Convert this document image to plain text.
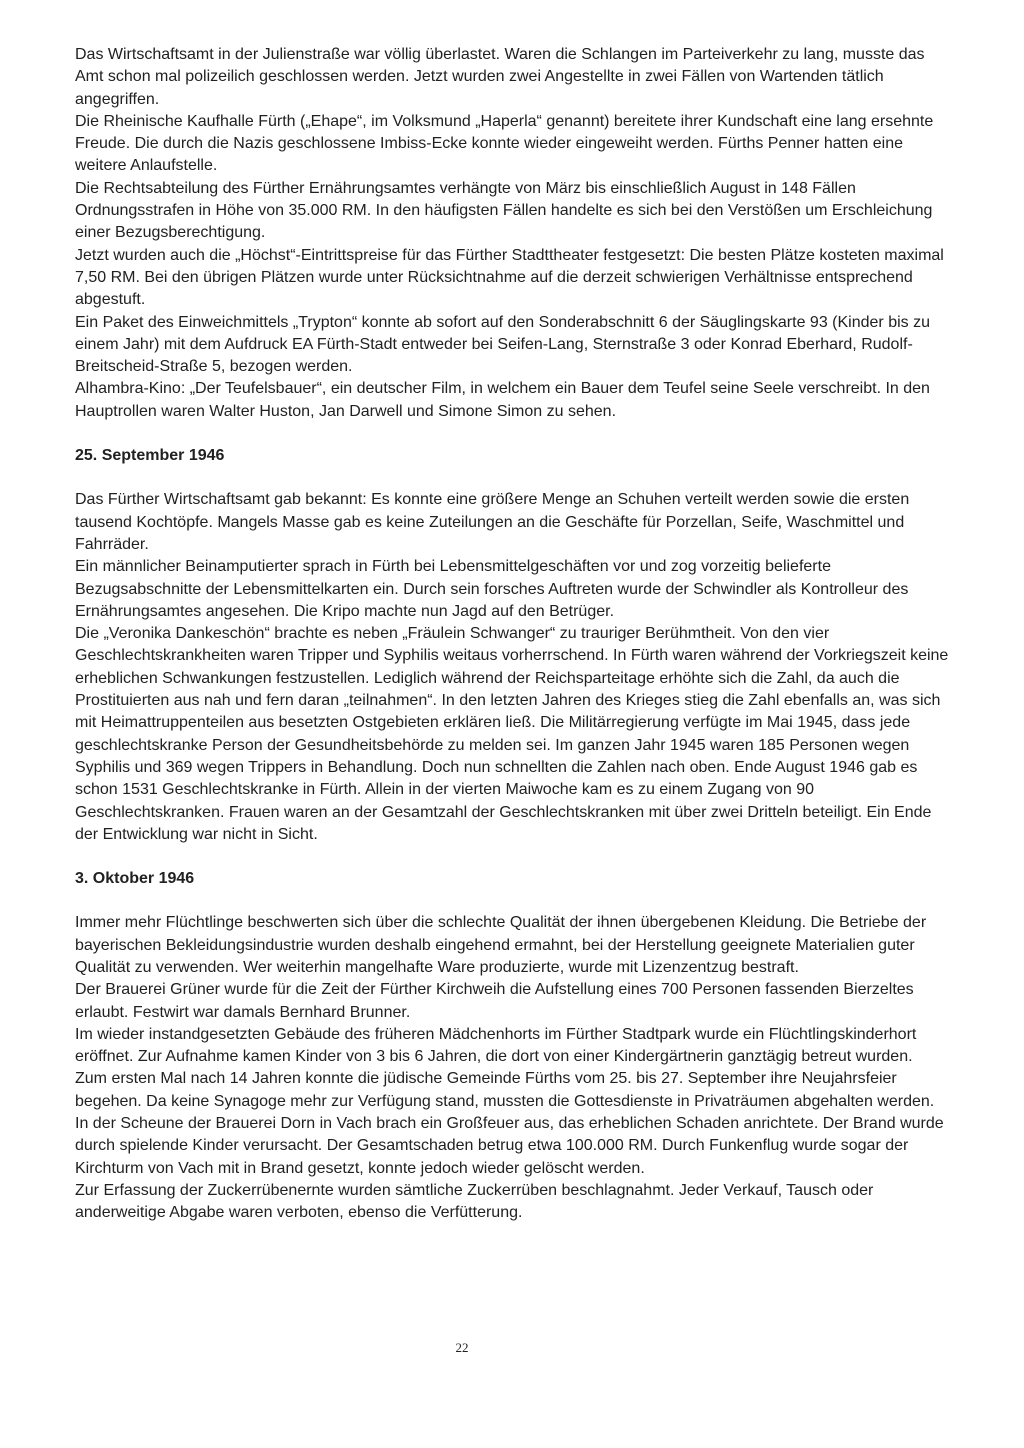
Das Wirtschaftsamt in der Julienstraße war völlig überlastet. Waren die Schlangen im Parteiverkehr zu lang, musste das Amt schon mal polizeilich geschlossen werden. Jetzt wurden zwei Angestellte in zwei Fällen von Wartenden tätlich angegriffen.

Die Rheinische Kaufhalle Fürth („Ehape“, im Volksmund „Haperla“ genannt) bereitete ihrer Kundschaft eine lang ersehnte Freude. Die durch die Nazis geschlossene Imbiss-Ecke konnte wieder eingeweiht werden. Fürths Penner hatten eine weitere Anlaufstelle.

Die Rechtsabteilung des Fürther Ernährungsamtes verhängte von März bis einschließlich August in 148 Fällen Ordnungsstrafen in Höhe von 35.000 RM. In den häufigsten Fällen handelte es sich bei den Verstößen um Erschleichung einer Bezugsberechtigung.

Jetzt wurden auch die „Höchst“-Eintrittspreise für das Fürther Stadttheater festgesetzt: Die besten Plätze kosteten maximal 7,50 RM. Bei den übrigen Plätzen wurde unter Rücksichtnahme auf die derzeit schwierigen Verhältnisse entsprechend abgestuft.

Ein Paket des Einweichmittels „Trypton“ konnte ab sofort auf den Sonderabschnitt 6 der Säuglingskarte 93 (Kinder bis zu einem Jahr) mit dem Aufdruck EA Fürth-Stadt entweder bei Seifen-Lang, Sternstraße 3 oder Konrad Eberhard, Rudolf-Breitscheid-Straße 5, bezogen werden.

Alhambra-Kino: „Der Teufelsbauer“, ein deutscher Film, in welchem ein Bauer dem Teufel seine Seele verschreibt. In den Hauptrollen waren Walter Huston, Jan Darwell und Simone Simon zu sehen.

25. September 1946

Das Fürther Wirtschaftsamt gab bekannt: Es konnte eine größere Menge an Schuhen verteilt werden sowie die ersten tausend Kochtöpfe. Mangels Masse gab es keine Zuteilungen an die Geschäfte für Porzellan, Seife, Waschmittel und Fahrräder.

Ein männlicher Beinamputierter sprach in Fürth bei Lebensmittelgeschäften vor und zog vorzeitig belieferte Bezugsabschnitte der Lebensmittelkarten ein. Durch sein forsches Auftreten wurde der Schwindler als Kontrolleur des Ernährungsamtes angesehen. Die Kripo machte nun Jagd auf den Betrüger.

Die „Veronika Dankeschön“ brachte es neben „Fräulein Schwanger“ zu trauriger Berühmtheit. Von den vier Geschlechtskrankheiten waren Tripper und Syphilis weitaus vorherrschend. In Fürth waren während der Vorkriegszeit keine erheblichen Schwankungen festzustellen. Lediglich während der Reichsparteitage erhöhte sich die Zahl, da auch die Prostituierten aus nah und fern daran „teilnahmen“. In den letzten Jahren des Krieges stieg die Zahl ebenfalls an, was sich mit Heimattruppenteilen aus besetzten Ostgebieten erklären ließ. Die Militärregierung verfügte im Mai 1945, dass jede geschlechtskranke Person der Gesundheitsbehörde zu melden sei. Im ganzen Jahr 1945 waren 185 Personen wegen Syphilis und 369 wegen Trippers in Behandlung. Doch nun schnellten die Zahlen nach oben. Ende August 1946 gab es schon 1531 Geschlechtskranke in Fürth. Allein in der vierten Maiwoche kam es zu einem Zugang von 90 Geschlechtskranken. Frauen waren an der Gesamtzahl der Geschlechtskranken mit über zwei Dritteln beteiligt. Ein Ende der Entwicklung war nicht in Sicht.

3. Oktober 1946

Immer mehr Flüchtlinge beschwerten sich über die schlechte Qualität der ihnen übergebenen Kleidung. Die Betriebe der bayerischen Bekleidungsindustrie wurden deshalb eingehend ermahnt, bei der Herstellung geeignete Materialien guter Qualität zu verwenden. Wer weiterhin mangelhafte Ware produzierte, wurde mit Lizenzentzug bestraft.

Der Brauerei Grüner wurde für die Zeit der Fürther Kirchweih die Aufstellung eines 700 Personen fassenden Bierzeltes erlaubt. Festwirt war damals Bernhard Brunner.

Im wieder instandgesetzten Gebäude des früheren Mädchenhorts im Fürther Stadtpark wurde ein Flüchtlingskinderhort eröffnet. Zur Aufnahme kamen Kinder von 3 bis 6 Jahren, die dort von einer Kindergärtnerin ganztägig betreut wurden.

Zum ersten Mal nach 14 Jahren konnte die jüdische Gemeinde Fürths vom 25. bis 27. September ihre Neujahrsfeier begehen. Da keine Synagoge mehr zur Verfügung stand, mussten die Gottesdienste in Privaträumen abgehalten werden.

In der Scheune der Brauerei Dorn in Vach brach ein Großfeuer aus, das erheblichen Schaden anrichtete. Der Brand wurde durch spielende Kinder verursacht. Der Gesamtschaden betrug etwa 100.000 RM. Durch Funkenflug wurde sogar der Kirchturm von Vach mit in Brand gesetzt, konnte jedoch wieder gelöscht werden.

Zur Erfassung der Zuckerrübenernte wurden sämtliche Zuckerrüben beschlagnahmt. Jeder Verkauf, Tausch oder anderweitige Abgabe waren verboten, ebenso die Verfütterung.

22
